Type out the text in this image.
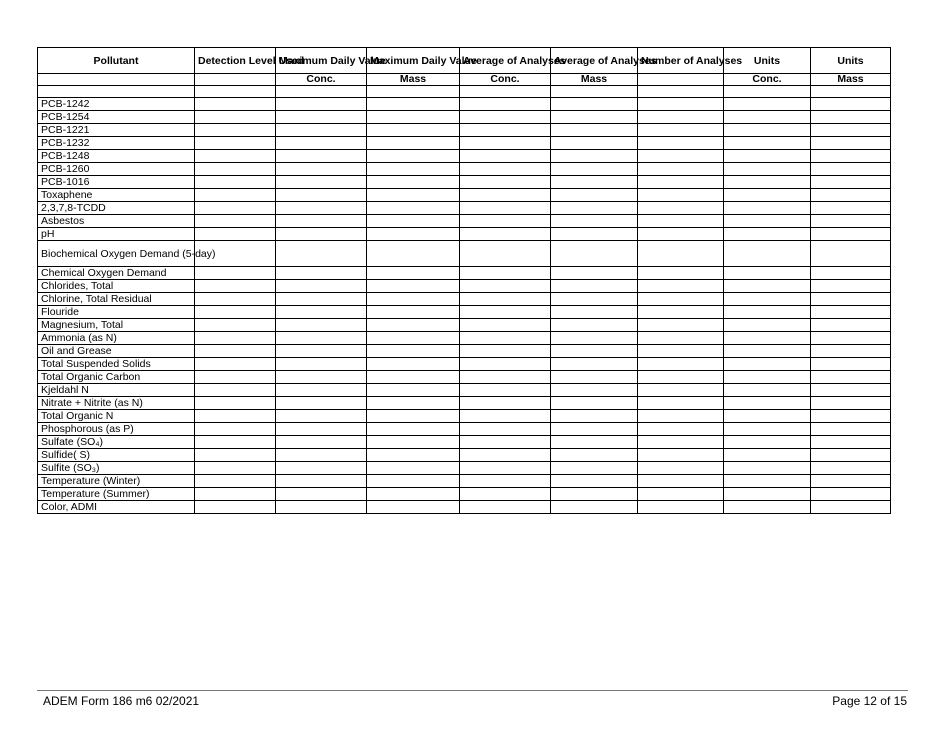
Pollutant	Detection Level Used	Maximum Daily Value	Maximum Daily Value	Average of Analyses	Average of Analyses	Number of Analyses	Units	Units
		Conc.	Mass	Conc.	Mass		Conc.	Mass

PCB-1242								
PCB-1254								
PCB-1221								
PCB-1232								
PCB-1248								
PCB-1260								
PCB-1016								
Toxaphene								
2,3,7,8-TCDD								
Asbestos								
pH								
Biochemical Oxygen Demand (5-day)								
Chemical Oxygen Demand								
Chlorides, Total								
Chlorine, Total Residual								
Flouride								
Magnesium, Total								
Ammonia (as N)								
Oil and Grease								
Total Suspended Solids								
Total Organic Carbon								
Kjeldahl N								
Nitrate + Nitrite (as N)								
Total Organic N								
Phosphorous (as P)								
Sulfate (SO₄)								
Sulfide( S)								
Sulfite (SO₃)								
Temperature (Winter)								
Temperature (Summer)								
Color, ADMI								
ADEM Form 186 m6 02/2021	Page 12 of 15
